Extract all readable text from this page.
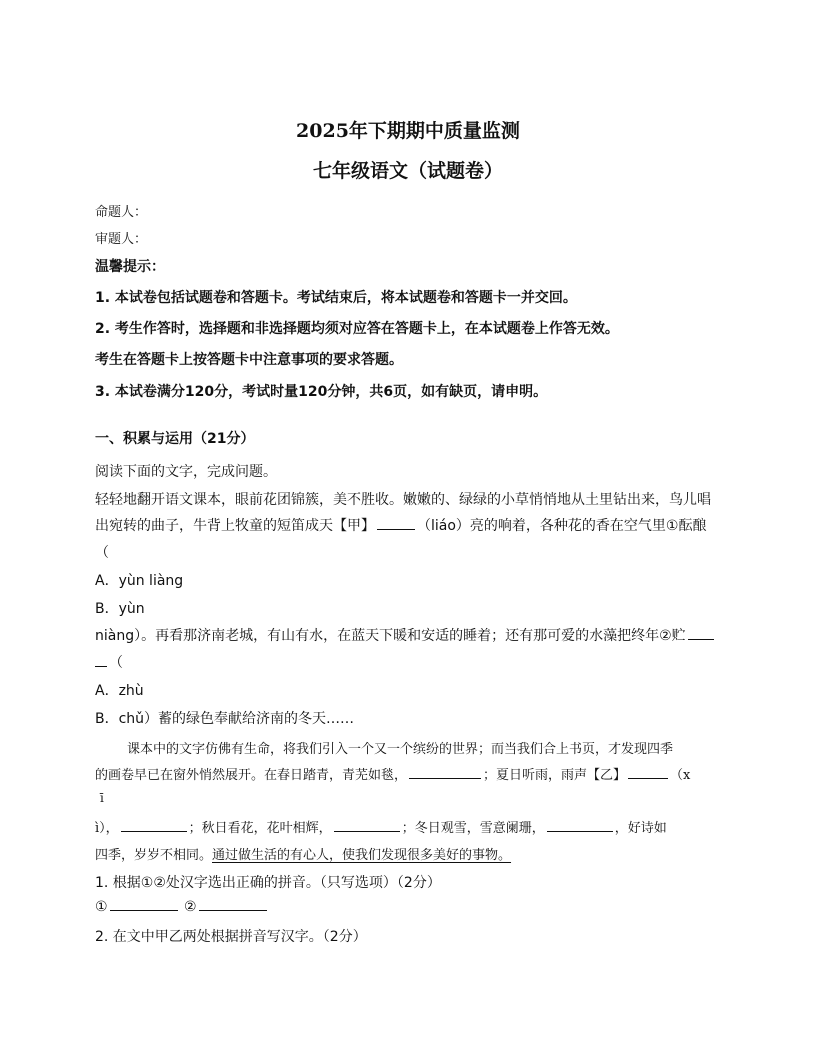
2025年下期期中质量监测
七年级语文（试题卷）
命题人：
审题人：
温馨提示：
1. 本试卷包括试题卷和答题卡。考试结束后，将本试题卷和答题卡一并交回。
2. 考生作答时，选择题和非选择题均须对应答在答题卡上，在本试题卷上作答无效。
考生在答题卡上按答题卡中注意事项的要求答题。
3. 本试卷满分120分，考试时量120分钟，共6页，如有缺页，请申明。
一、积累与运用（21分）
阅读下面的文字，完成问题。
轻轻地翻开语文课本，眼前花团锦簇，美不胜收。嫩嫩的、绿绿的小草悄悄地从土里钻出来，鸟儿唱
出宛转的曲子，牛背上牧童的短笛成天【甲】	（liáo）亮的响着，各种花的香在空气里①酝酿
（
A．yùn liàng
B．yùn
niàng）。再看那济南老城，有山有水，在蓝天下暖和安适的睡着；还有那可爱的水藻把终年②贮
（
A．zhù
B．chǔ）蓄的绿色奉献给济南的冬天……
课本中的文字仿佛有生命，将我们引入一个又一个缤纷的世界；而当我们合上书页，才发现四季
的画卷早已在窗外悄然展开。在春日踏青，青芜如毯，	；夏日听雨，雨声【乙】	（x
ī
ì），	；秋日看花，花叶相辉，	；冬日观雪，雪意阑珊，	，好诗如
四季，岁岁不相同。通过做生活的有心人，使我们发现很多美好的事物。
1. 根据①②处汉字选出正确的拼音。（只写选项）（2分）
①	②
2. 在文中甲乙两处根据拼音写汉字。（2分）
